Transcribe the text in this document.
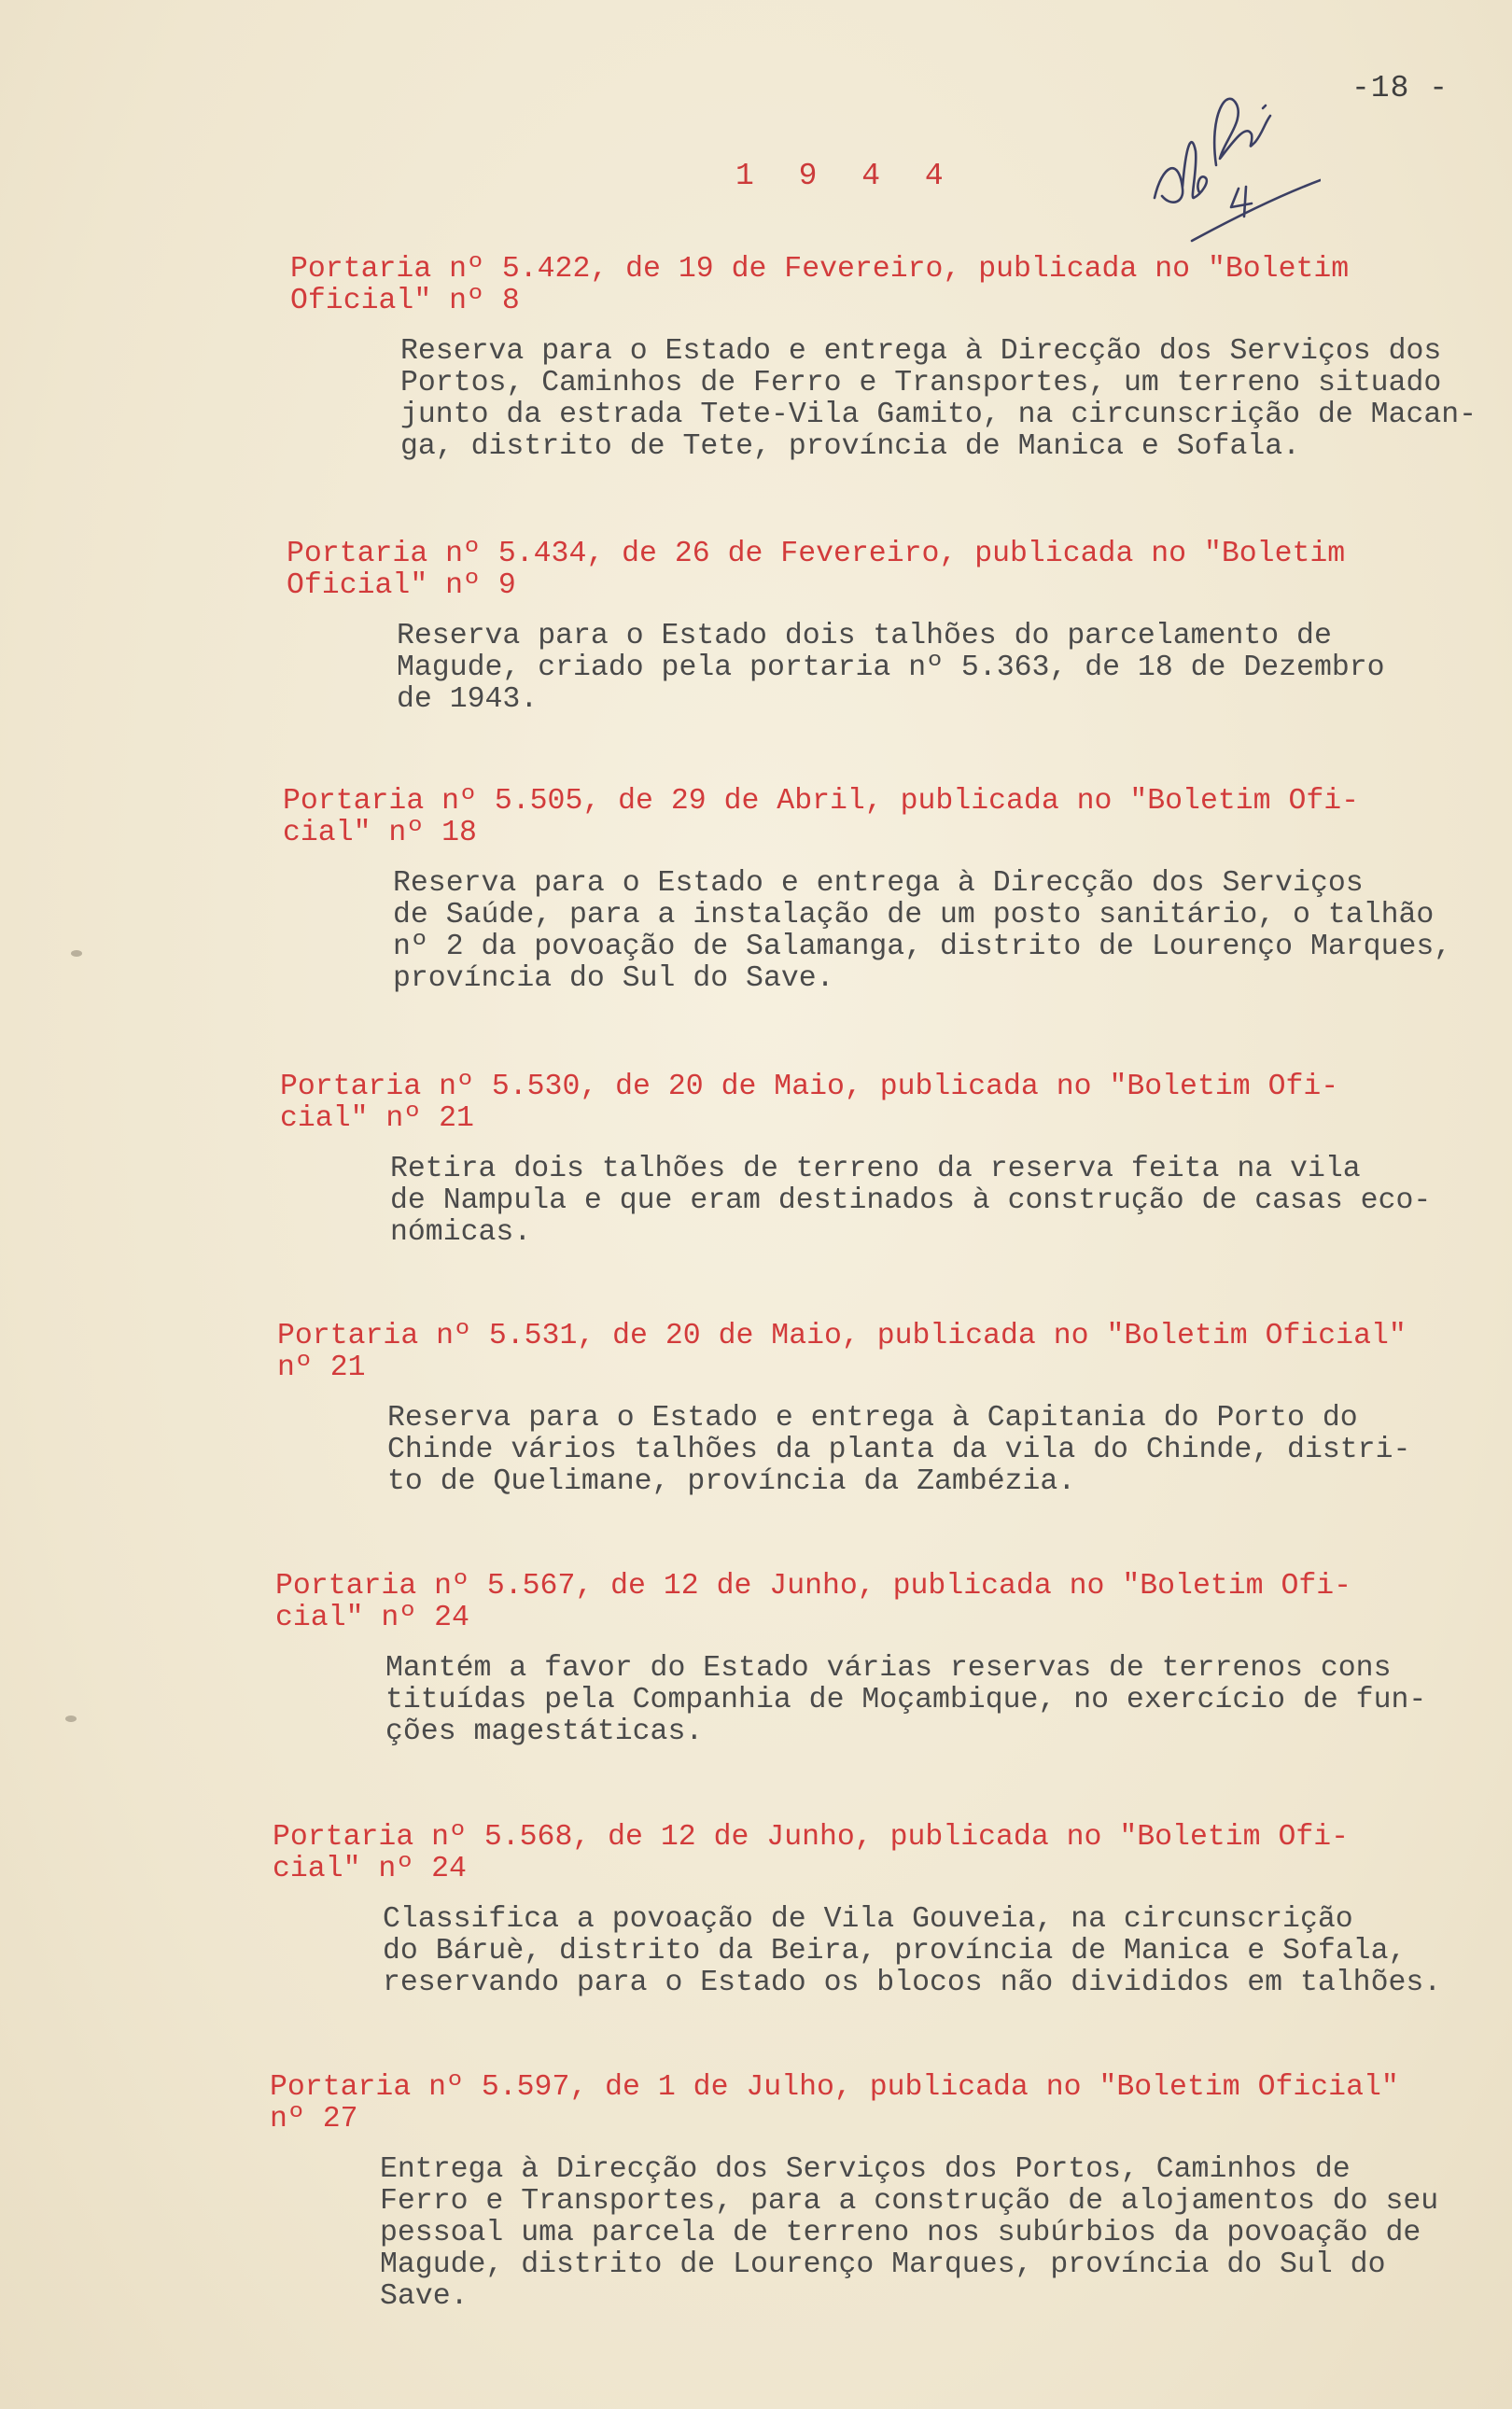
-18 -
1 9 4 4

Portaria nº 5.422, de 19 de Fevereiro, publicada no "Boletim
Oficial" nº 8

Reserva para o Estado e entrega à Direcção dos Serviços dos
Portos, Caminhos de Ferro e Transportes, um terreno situado
junto da estrada Tete-Vila Gamito, na circunscrição de Macan-
ga, distrito de Tete, província de Manica e Sofala.

Portaria nº 5.434, de 26 de Fevereiro, publicada no "Boletim
Oficial" nº 9

Reserva para o Estado dois talhões do parcelamento de
Magude, criado pela portaria nº 5.363, de 18 de Dezembro
de 1943.

Portaria nº 5.505, de 29 de Abril, publicada no "Boletim Ofi-
cial" nº 18

Reserva para o Estado e entrega à Direcção dos Serviços
de Saúde, para a instalação de um posto sanitário, o talhão
nº 2 da povoação de Salamanga, distrito de Lourenço Marques,
província do Sul do Save.

Portaria nº 5.530, de 20 de Maio, publicada no "Boletim Ofi-
cial" nº 21

Retira dois talhões de terreno da reserva feita na vila
de Nampula e que eram destinados à construção de casas eco-
nómicas.

Portaria nº 5.531, de 20 de Maio, publicada no "Boletim Oficial"
nº 21

Reserva para o Estado e entrega à Capitania do Porto do
Chinde vários talhões da planta da vila do Chinde, distri-
to de Quelimane, província da Zambézia.

Portaria nº 5.567, de 12 de Junho, publicada no "Boletim Ofi-
cial" nº 24

Mantém a favor do Estado várias reservas de terrenos cons
tituídas pela Companhia de Moçambique, no exercício de fun-
ções magestáticas.

Portaria nº 5.568, de 12 de Junho, publicada no "Boletim Ofi-
cial" nº 24

Classifica a povoação de Vila Gouveia, na circunscrição
do Báruè, distrito da Beira, província de Manica e Sofala,
reservando para o Estado os blocos não divididos em talhões.

Portaria nº 5.597, de 1 de Julho, publicada no "Boletim Oficial"
nº 27

Entrega à Direcção dos Serviços dos Portos, Caminhos de
Ferro e Transportes, para a construção de alojamentos do seu
pessoal uma parcela de terreno nos subúrbios da povoação de
Magude, distrito de Lourenço Marques, província do Sul do
Save.
